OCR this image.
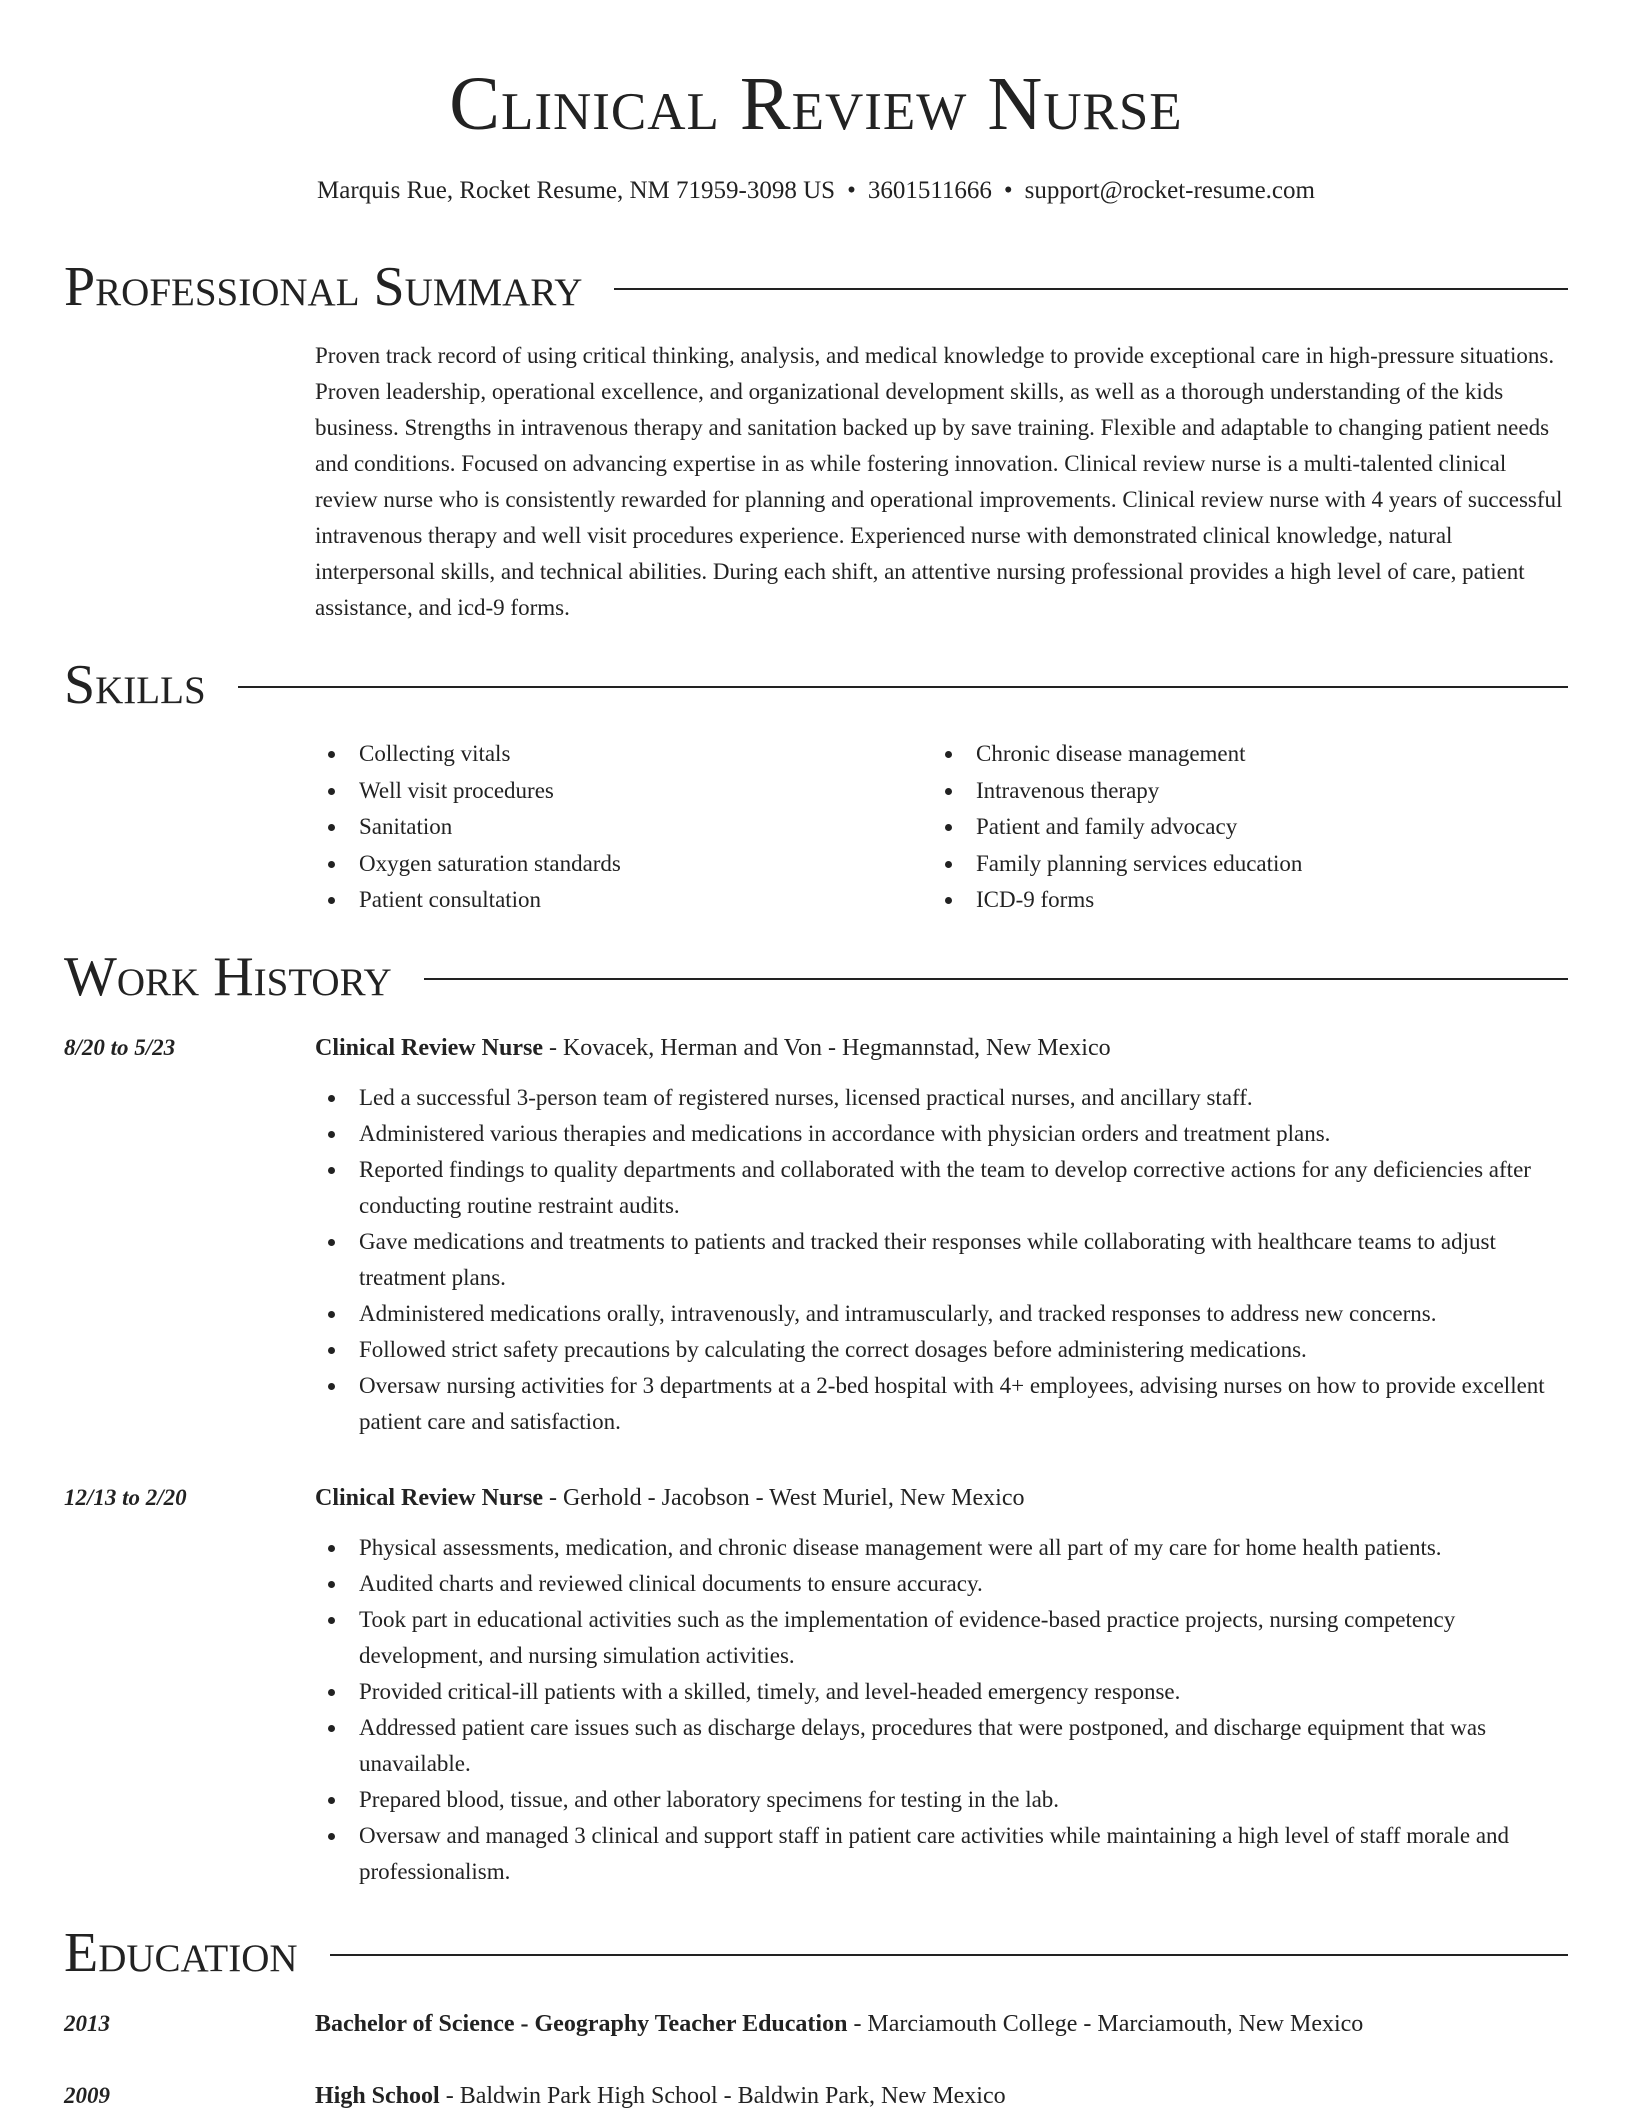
Clinical Review Nurse
Marquis Rue, Rocket Resume, NM 71959-3098 US • 3601511666 • support@rocket-resume.com
Professional Summary

Proven track record of using critical thinking, analysis, and medical knowledge to provide exceptional care in high-pressure situations. Proven leadership, operational excellence, and organizational development skills, as well as a thorough understanding of the kids business. Strengths in intravenous therapy and sanitation backed up by save training. Flexible and adaptable to changing patient needs and conditions. Focused on advancing expertise in as while fostering innovation. Clinical review nurse is a multi-talented clinical review nurse who is consistently rewarded for planning and operational improvements. Clinical review nurse with 4 years of successful intravenous therapy and well visit procedures experience. Experienced nurse with demonstrated clinical knowledge, natural interpersonal skills, and technical abilities. During each shift, an attentive nursing professional provides a high level of care, patient assistance, and icd-9 forms.

Skills
Collecting vitals
Well visit procedures
Sanitation
Oxygen saturation standards
Patient consultation
Chronic disease management
Intravenous therapy
Patient and family advocacy
Family planning services education
ICD-9 forms
Work History
8/20 to 5/23	Clinical Review Nurse - Kovacek, Herman and Von - Hegmannstad, New Mexico
Led a successful 3-person team of registered nurses, licensed practical nurses, and ancillary staff.
Administered various therapies and medications in accordance with physician orders and treatment plans.
Reported findings to quality departments and collaborated with the team to develop corrective actions for any deficiencies after conducting routine restraint audits.
Gave medications and treatments to patients and tracked their responses while collaborating with healthcare teams to adjust treatment plans.
Administered medications orally, intravenously, and intramuscularly, and tracked responses to address new concerns.
Followed strict safety precautions by calculating the correct dosages before administering medications.
Oversaw nursing activities for 3 departments at a 2-bed hospital with 4+ employees, advising nurses on how to provide excellent patient care and satisfaction.
12/13 to 2/20	Clinical Review Nurse - Gerhold - Jacobson - West Muriel, New Mexico
Physical assessments, medication, and chronic disease management were all part of my care for home health patients.
Audited charts and reviewed clinical documents to ensure accuracy.
Took part in educational activities such as the implementation of evidence-based practice projects, nursing competency development, and nursing simulation activities.
Provided critical-ill patients with a skilled, timely, and level-headed emergency response.
Addressed patient care issues such as discharge delays, procedures that were postponed, and discharge equipment that was unavailable.
Prepared blood, tissue, and other laboratory specimens for testing in the lab.
Oversaw and managed 3 clinical and support staff in patient care activities while maintaining a high level of staff morale and professionalism.
Education
2013	Bachelor of Science - Geography Teacher Education - Marciamouth College - Marciamouth, New Mexico
2009	High School - Baldwin Park High School - Baldwin Park, New Mexico
